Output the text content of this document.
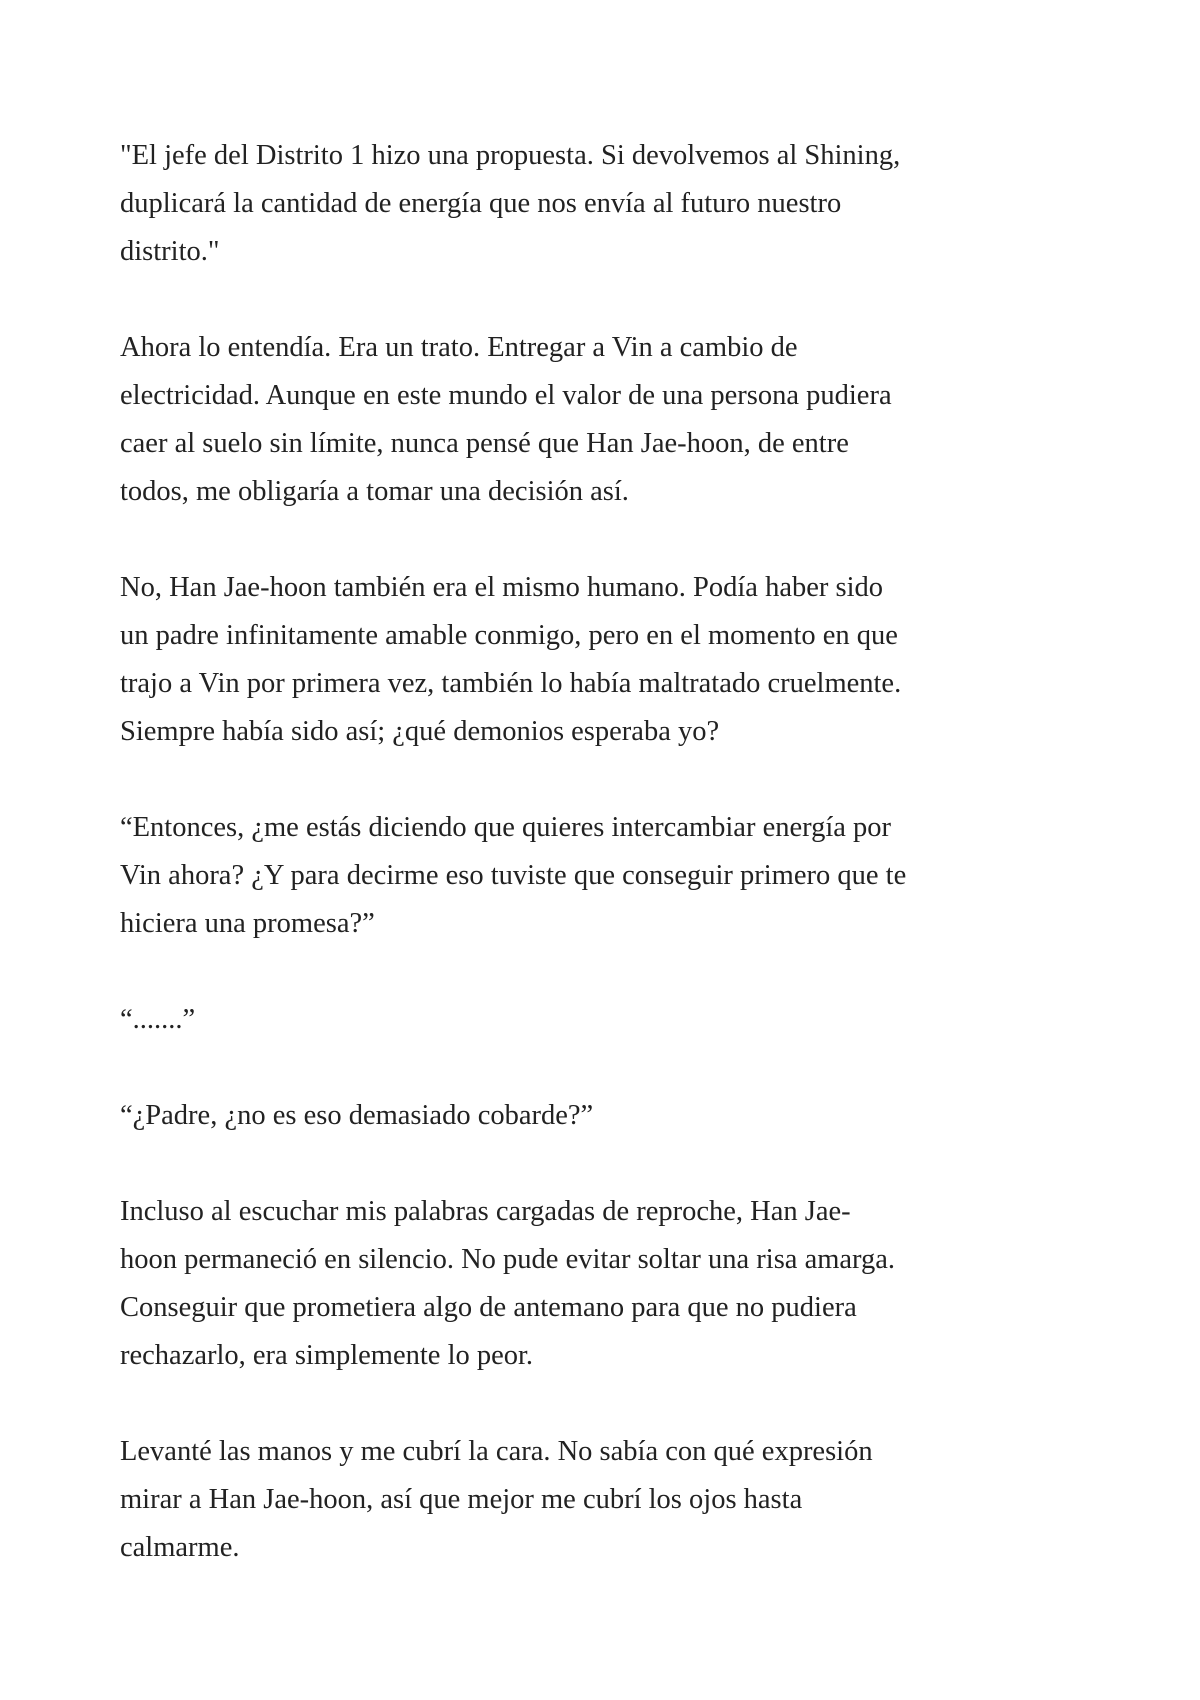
"El jefe del Distrito 1 hizo una propuesta. Si devolvemos al Shining,
duplicará la cantidad de energía que nos envía al futuro nuestro
distrito."

Ahora lo entendía. Era un trato. Entregar a Vin a cambio de
electricidad. Aunque en este mundo el valor de una persona pudiera
caer al suelo sin límite, nunca pensé que Han Jae-hoon, de entre
todos, me obligaría a tomar una decisión así.

No, Han Jae-hoon también era el mismo humano. Podía haber sido
un padre infinitamente amable conmigo, pero en el momento en que
trajo a Vin por primera vez, también lo había maltratado cruelmente.
Siempre había sido así; ¿qué demonios esperaba yo?

“Entonces, ¿me estás diciendo que quieres intercambiar energía por
Vin ahora? ¿Y para decirme eso tuviste que conseguir primero que te
hiciera una promesa?”

“.......”

“¿Padre, ¿no es eso demasiado cobarde?”

Incluso al escuchar mis palabras cargadas de reproche, Han Jae-
hoon permaneció en silencio. No pude evitar soltar una risa amarga.
Conseguir que prometiera algo de antemano para que no pudiera
rechazarlo, era simplemente lo peor.

Levanté las manos y me cubrí la cara. No sabía con qué expresión
mirar a Han Jae-hoon, así que mejor me cubrí los ojos hasta
calmarme.
